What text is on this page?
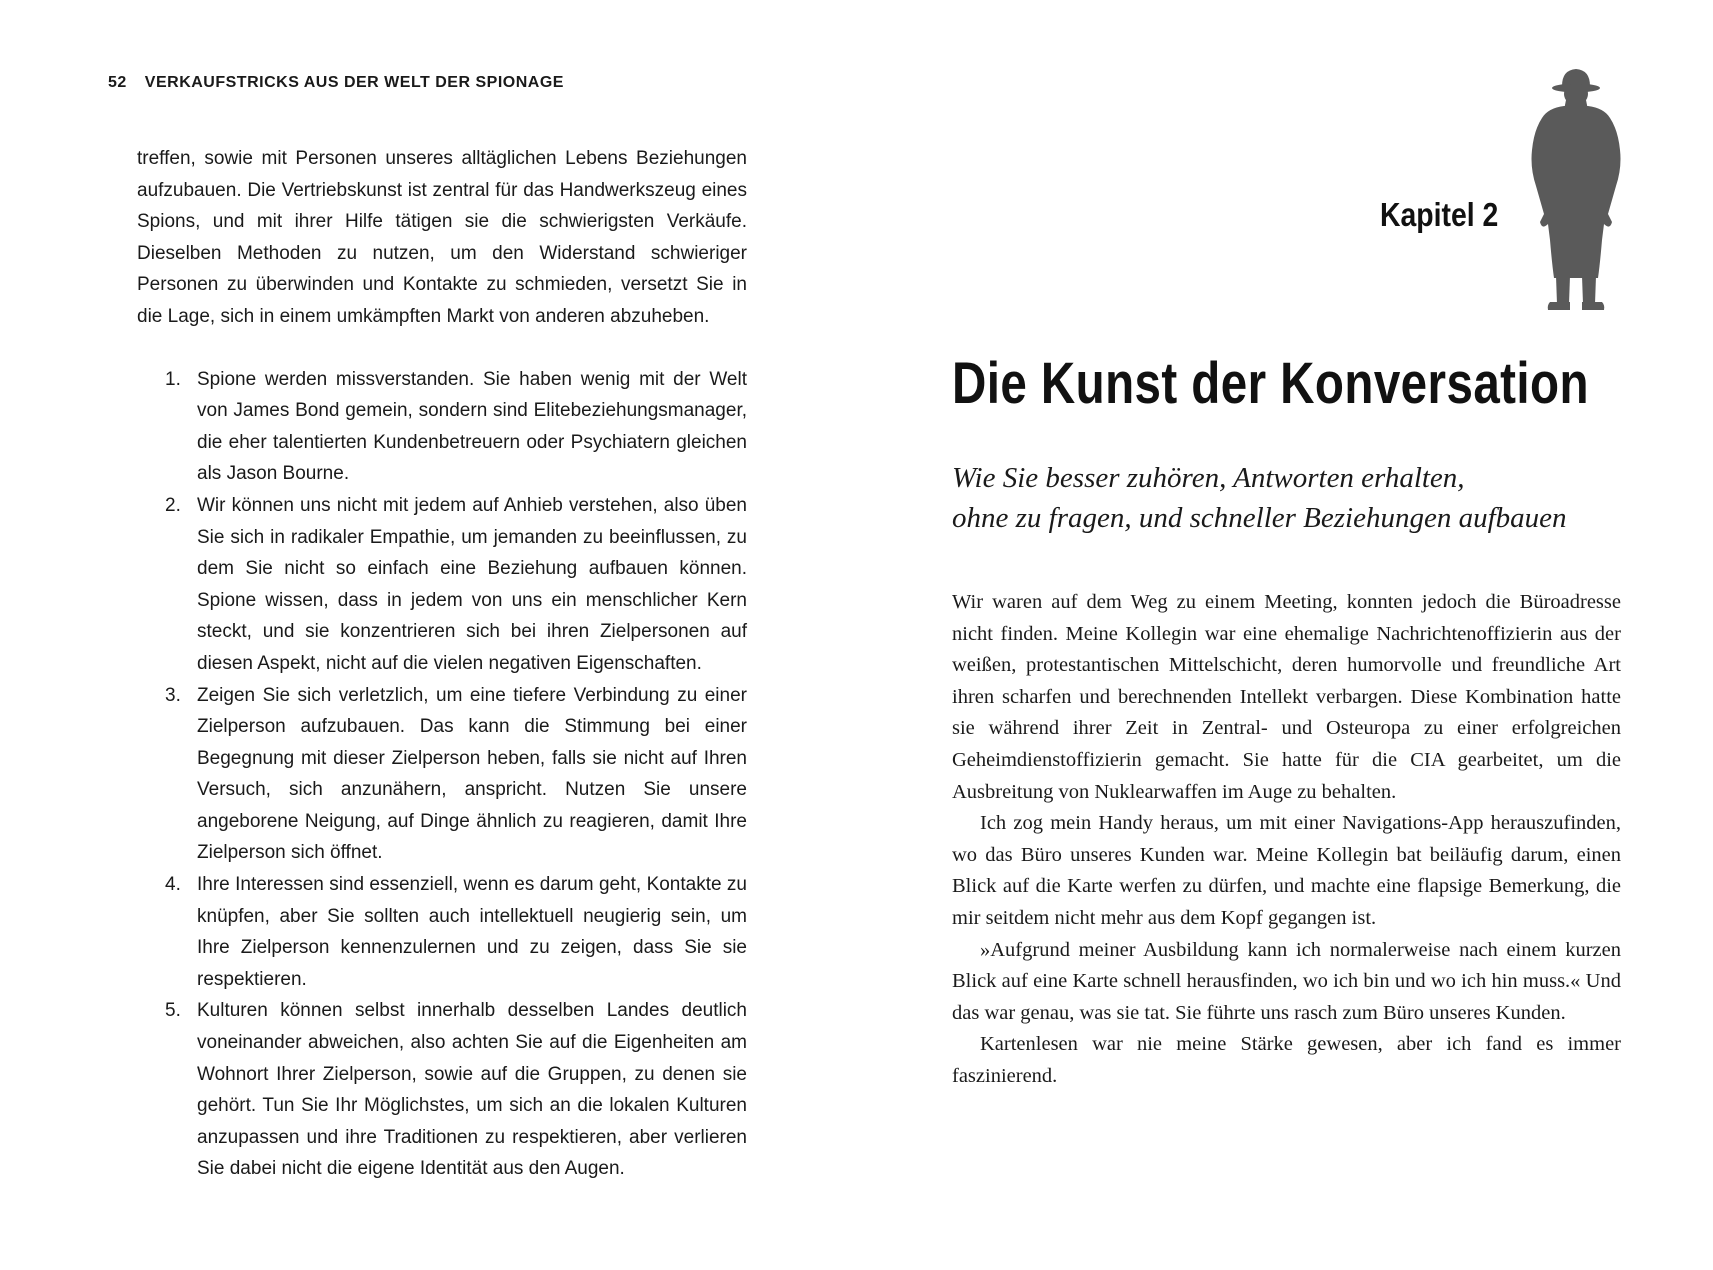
52 VERKAUFSTRICKS AUS DER WELT DER SPIONAGE

treffen, sowie mit Personen unseres alltäglichen Lebens Beziehungen aufzubauen. Die Vertriebskunst ist zentral für das Handwerkszeug eines Spions, und mit ihrer Hilfe tätigen sie die schwierigsten Verkäufe. Dieselben Methoden zu nutzen, um den Widerstand schwieriger Personen zu überwinden und Kontakte zu schmieden, versetzt Sie in die Lage, sich in einem umkämpften Markt von anderen abzuheben.

1. Spione werden missverstanden. Sie haben wenig mit der Welt von James Bond gemein, sondern sind Elitebeziehungsmanager, die eher talentierten Kundenbetreuern oder Psychiatern gleichen als Jason Bourne.
2. Wir können uns nicht mit jedem auf Anhieb verstehen, also üben Sie sich in radikaler Empathie, um jemanden zu beeinflussen, zu dem Sie nicht so einfach eine Beziehung aufbauen können. Spione wissen, dass in jedem von uns ein menschlicher Kern steckt, und sie konzentrieren sich bei ihren Zielpersonen auf diesen Aspekt, nicht auf die vielen negativen Eigenschaften.
3. Zeigen Sie sich verletzlich, um eine tiefere Verbindung zu einer Zielperson aufzubauen. Das kann die Stimmung bei einer Begegnung mit dieser Zielperson heben, falls sie nicht auf Ihren Versuch, sich anzunähern, anspricht. Nutzen Sie unsere angeborene Neigung, auf Dinge ähnlich zu reagieren, damit Ihre Zielperson sich öffnet.
4. Ihre Interessen sind essenziell, wenn es darum geht, Kontakte zu knüpfen, aber Sie sollten auch intellektuell neugierig sein, um Ihre Zielperson kennenzulernen und zu zeigen, dass Sie sie respektieren.
5. Kulturen können selbst innerhalb desselben Landes deutlich voneinander abweichen, also achten Sie auf die Eigenheiten am Wohnort Ihrer Zielperson, sowie auf die Gruppen, zu denen sie gehört. Tun Sie Ihr Möglichstes, um sich an die lokalen Kulturen anzupassen und ihre Traditionen zu respektieren, aber verlieren Sie dabei nicht die eigene Identität aus den Augen.
Kapitel 2
Die Kunst der Konversation
Wie Sie besser zuhören, Antworten erhalten,
ohne zu fragen, und schneller Beziehungen aufbauen

Wir waren auf dem Weg zu einem Meeting, konnten jedoch die Büroadresse nicht finden. Meine Kollegin war eine ehemalige Nachrichtenoffizierin aus der weißen, protestantischen Mittelschicht, deren humorvolle und freundliche Art ihren scharfen und berechnenden Intellekt verbargen. Diese Kombination hatte sie während ihrer Zeit in Zentral- und Osteuropa zu einer erfolgreichen Geheimdienstoffizierin gemacht. Sie hatte für die CIA gearbeitet, um die Ausbreitung von Nuklearwaffen im Auge zu behalten.

Ich zog mein Handy heraus, um mit einer Navigations-App herauszufinden, wo das Büro unseres Kunden war. Meine Kollegin bat beiläufig darum, einen Blick auf die Karte werfen zu dürfen, und machte eine flapsige Bemerkung, die mir seitdem nicht mehr aus dem Kopf gegangen ist.

»Aufgrund meiner Ausbildung kann ich normalerweise nach einem kurzen Blick auf eine Karte schnell herausfinden, wo ich bin und wo ich hin muss.« Und das war genau, was sie tat. Sie führte uns rasch zum Büro unseres Kunden.

Kartenlesen war nie meine Stärke gewesen, aber ich fand es immer faszinierend.
